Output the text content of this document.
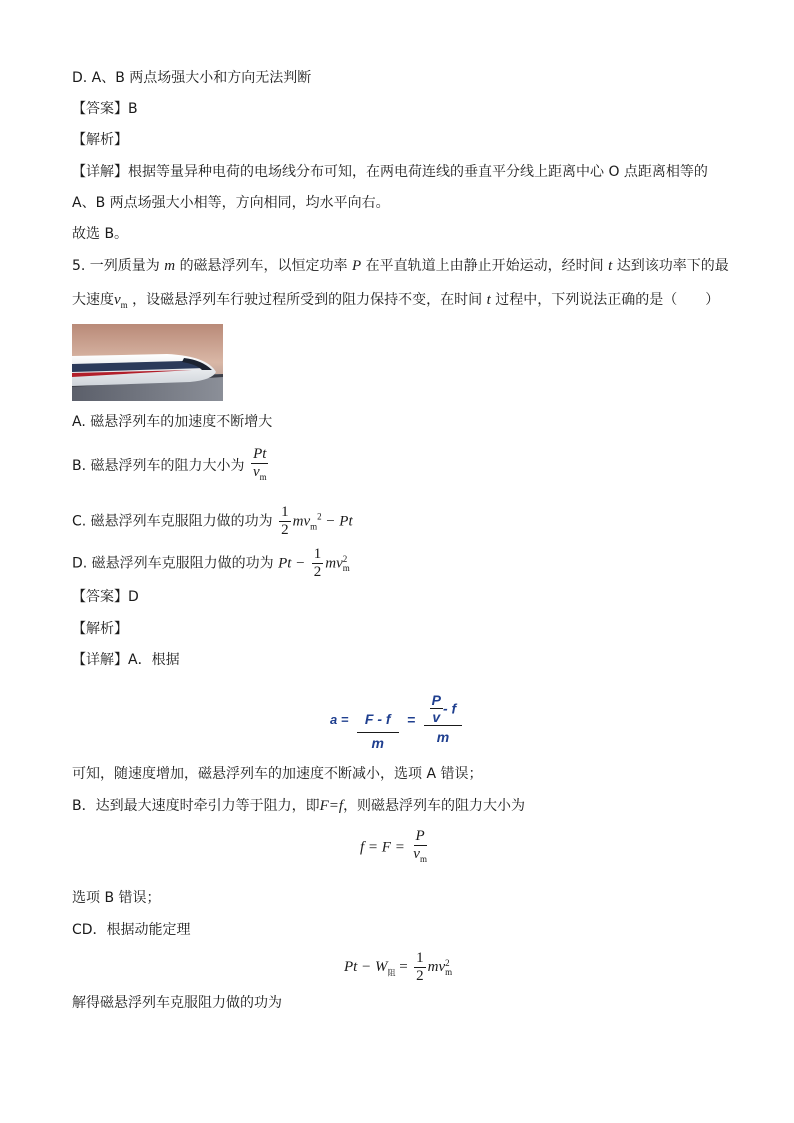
D. A、B 两点场强大小和方向无法判断
【答案】B
【解析】
【详解】根据等量异种电荷的电场线分布可知，在两电荷连线的垂直平分线上距离中心 O 点距离相等的
A、B 两点场强大小相等，方向相同，均水平向右。
故选 B。
5. 一列质量为 m 的磁悬浮列车，以恒定功率 P 在平直轨道上由静止开始运动，经时间 t 达到该功率下的最
大速度$v_m$ ，设磁悬浮列车行驶过程所受到的阻力保持不变，在时间 t 过程中，下列说法正确的是（　　）
A. 磁悬浮列车的加速度不断增大
B. 磁悬浮列车的阻力大小为 $\frac{Pt}{v_m}$
C. 磁悬浮列车克服阻力做的功为 $\frac{1}{2} mv_m^2 - Pt$
D. 磁悬浮列车克服阻力做的功为 $Pt - \frac{1}{2}$ mv 2
m
【答案】D
【解析】
【详解】A．根据
$a = \frac{F - f}{m} = \frac{\frac{P}{v} - f}{m}$
可知，随速度增加，磁悬浮列车的加速度不断减小，选项 A 错误；
B．达到最大速度时牵引力等于阻力，即F=f，则磁悬浮列车的阻力大小为
$f = F = \frac{P}{v_m}$
选项 B 错误；
CD．根据动能定理
$Pt - W_阻 = \frac{1}{2}$ mv 2
m
解得磁悬浮列车克服阻力做的功为
